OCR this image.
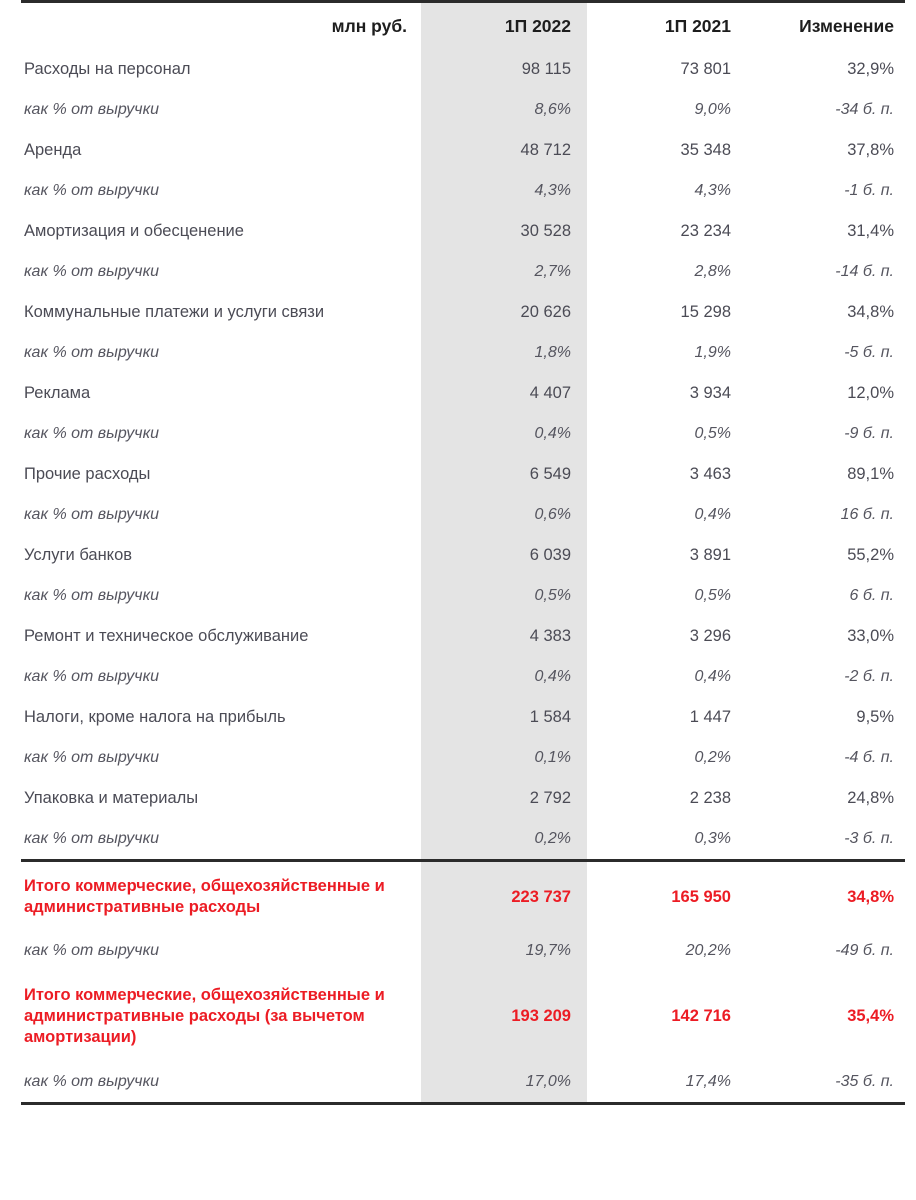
млн руб.	1П 2022	1П 2021	Изменение
Расходы на персонал	98 115	73 801	32,9%
как % от выручки	8,6%	9,0%	-34 б. п.
Аренда	48 712	35 348	37,8%
как % от выручки	4,3%	4,3%	-1 б. п.
Амортизация и обесценение	30 528	23 234	31,4%
как % от выручки	2,7%	2,8%	-14 б. п.
Коммунальные платежи и услуги связи	20 626	15 298	34,8%
как % от выручки	1,8%	1,9%	-5 б. п.
Реклама	4 407	3 934	12,0%
как % от выручки	0,4%	0,5%	-9 б. п.
Прочие расходы	6 549	3 463	89,1%
как % от выручки	0,6%	0,4%	16 б. п.
Услуги банков	6 039	3 891	55,2%
как % от выручки	0,5%	0,5%	6 б. п.
Ремонт и техническое обслуживание	4 383	3 296	33,0%
как % от выручки	0,4%	0,4%	-2 б. п.
Налоги, кроме налога на прибыль	1 584	1 447	9,5%
как % от выручки	0,1%	0,2%	-4 б. п.
Упаковка и материалы	2 792	2 238	24,8%
как % от выручки	0,2%	0,3%	-3 б. п.

Итого коммерческие, общехозяйственные и административные расходы	223 737	165 950	34,8%
как % от выручки	19,7%	20,2%	-49 б. п.
Итого коммерческие, общехозяйственные и административные расходы (за вычетом амортизации)	193 209	142 716	35,4%
как % от выручки	17,0%	17,4%	-35 б. п.
